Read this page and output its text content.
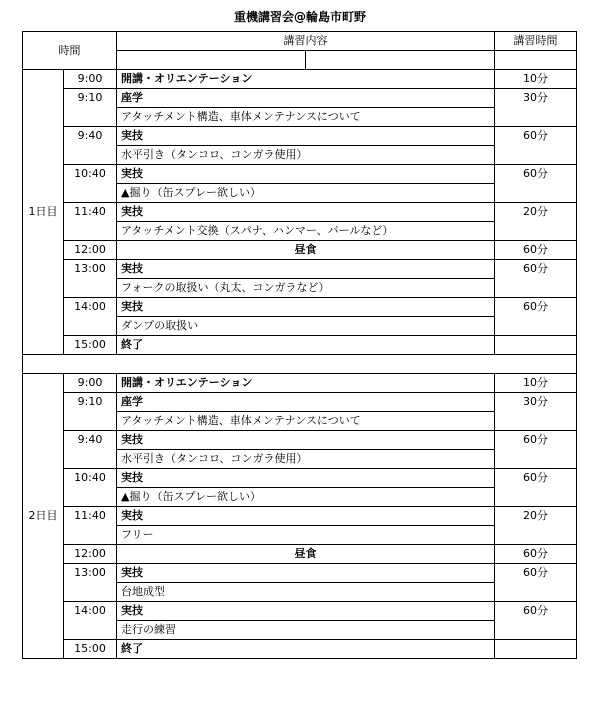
重機講習会@輪島市町野
時間		講習内容		講習時間

1日目	9:00	開講・オリエンテーション		10分
	9:10	座学		30分
		アタッチメント構造、車体メンテナンスについて		
	9:40	実技		60分
		水平引き（タンコロ、コンガラ使用）		
	10:40	実技		60分
		▲掘り（缶スプレー欲しい）		
	11:40	実技		20分
		アタッチメント交換（スパナ、ハンマー、バールなど）		
	12:00	昼食		60分
	13:00	実技		60分
		フォークの取扱い（丸太、コンガラなど）		
	14:00	実技		60分
		ダンプの取扱い		
	15:00	終了		

2日目	9:00	開講・オリエンテーション		10分
	9:10	座学		30分
		アタッチメント構造、車体メンテナンスについて		
	9:40	実技		60分
		水平引き（タンコロ、コンガラ使用）		
	10:40	実技		60分
		▲掘り（缶スプレー欲しい）		
	11:40	実技		20分
		フリー		
	12:00	昼食		60分
	13:00	実技		60分
		台地成型		
	14:00	実技		60分
		走行の練習		
	15:00	終了		
